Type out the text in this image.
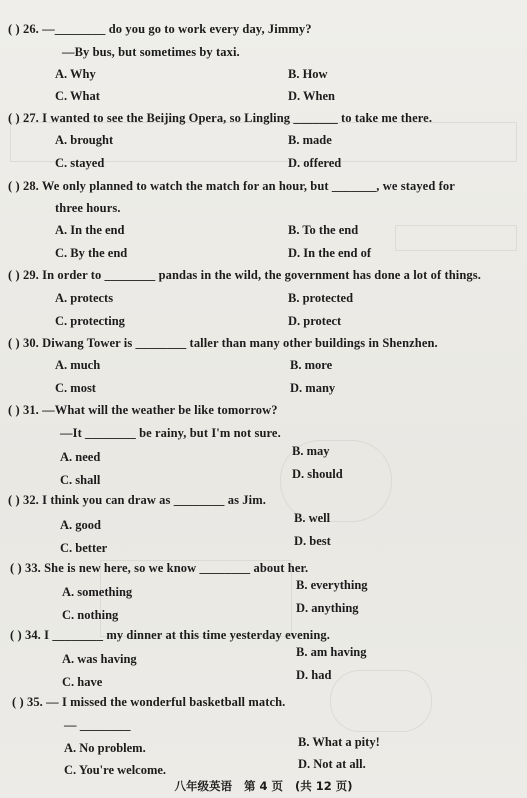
( ) 26. —________ do you go to work every day, Jimmy?
—By bus, but sometimes by taxi.
A. Why	B. How
C. What	D. When
( ) 27. I wanted to see the Beijing Opera, so Lingling _______ to take me there.
A. brought	B. made
C. stayed	D. offered
( ) 28. We only planned to watch the match for an hour, but _______, we stayed for
three hours.
A. In the end	B. To the end
C. By the end	D. In the end of
( ) 29. In order to ________ pandas in the wild, the government has done a lot of things.
A. protects	B. protected
C. protecting	D. protect
( ) 30. Diwang Tower is ________ taller than many other buildings in Shenzhen.
A. much	B. more
C. most	D. many
( ) 31. —What will the weather be like tomorrow?
—It ________ be rainy, but I'm not sure.
A. need	B. may
C. shall	D. should
( ) 32. I think you can draw as ________ as Jim.
A. good	B. well
C. better	D. best
( ) 33. She is new here, so we know ________ about her.
A. something	B. everything
C. nothing	D. anything
( ) 34. I ________ my dinner at this time yesterday evening.
A. was having	B. am having
C. have	D. had
( ) 35. — I missed the wonderful basketball match.
— ________
A. No problem.	B. What a pity!
C. You're welcome.	D. Not at all.
八年级英语 第 4 页 (共 12 页)
